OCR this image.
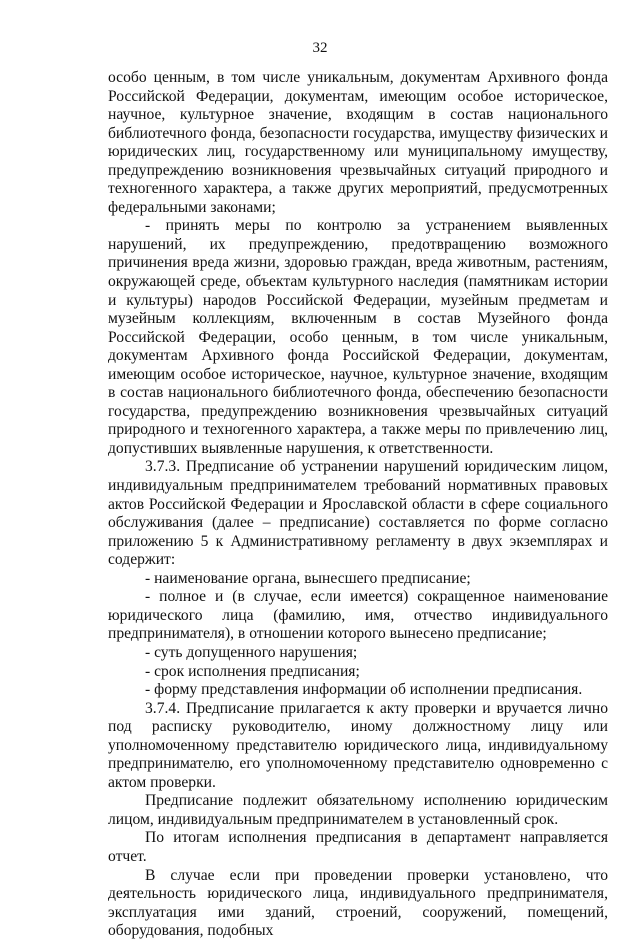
32

особо ценным, в том числе уникальным, документам Архивного фонда Российской Федерации, документам, имеющим особое историческое, научное, культурное значение, входящим в состав национального библиотечного фонда, безопасности государства, имуществу физических и юридических лиц, государственному или муниципальному имуществу, предупреждению возникновения чрезвычайных ситуаций природного и техногенного характера, а также других мероприятий, предусмотренных федеральными законами;

- принять меры по контролю за устранением выявленных нарушений, их предупреждению, предотвращению возможного причинения вреда жизни, здоровью граждан, вреда животным, растениям, окружающей среде, объектам культурного наследия (памятникам истории и культуры) народов Российской Федерации, музейным предметам и музейным коллекциям, включенным в состав Музейного фонда Российской Федерации, особо ценным, в том числе уникальным, документам Архивного фонда Российской Федерации, документам, имеющим особое историческое, научное, культурное значение, входящим в состав национального библиотечного фонда, обеспечению безопасности государства, предупреждению возникновения чрезвычайных ситуаций природного и техногенного характера, а также меры по привлечению лиц, допустивших выявленные нарушения, к ответственности.

3.7.3. Предписание об устранении нарушений юридическим лицом, индивидуальным предпринимателем требований нормативных правовых актов Российской Федерации и Ярославской области в сфере социального обслуживания (далее – предписание) составляется по форме согласно приложению 5 к Административному регламенту в двух экземплярах и содержит:

- наименование органа, вынесшего предписание;

- полное и (в случае, если имеется) сокращенное наименование юридического лица (фамилию, имя, отчество индивидуального предпринимателя), в отношении которого вынесено предписание;

- суть допущенного нарушения;

- срок исполнения предписания;

- форму представления информации об исполнении предписания.

3.7.4. Предписание прилагается к акту проверки и вручается лично под расписку руководителю, иному должностному лицу или уполномоченному представителю юридического лица, индивидуальному предпринимателю, его уполномоченному представителю одновременно с актом проверки.

Предписание подлежит обязательному исполнению юридическим лицом, индивидуальным предпринимателем в установленный срок.

По итогам исполнения предписания в департамент направляется отчет.

В случае если при проведении проверки установлено, что деятельность юридического лица, индивидуального предпринимателя, эксплуатация ими зданий, строений, сооружений, помещений, оборудования, подобных
